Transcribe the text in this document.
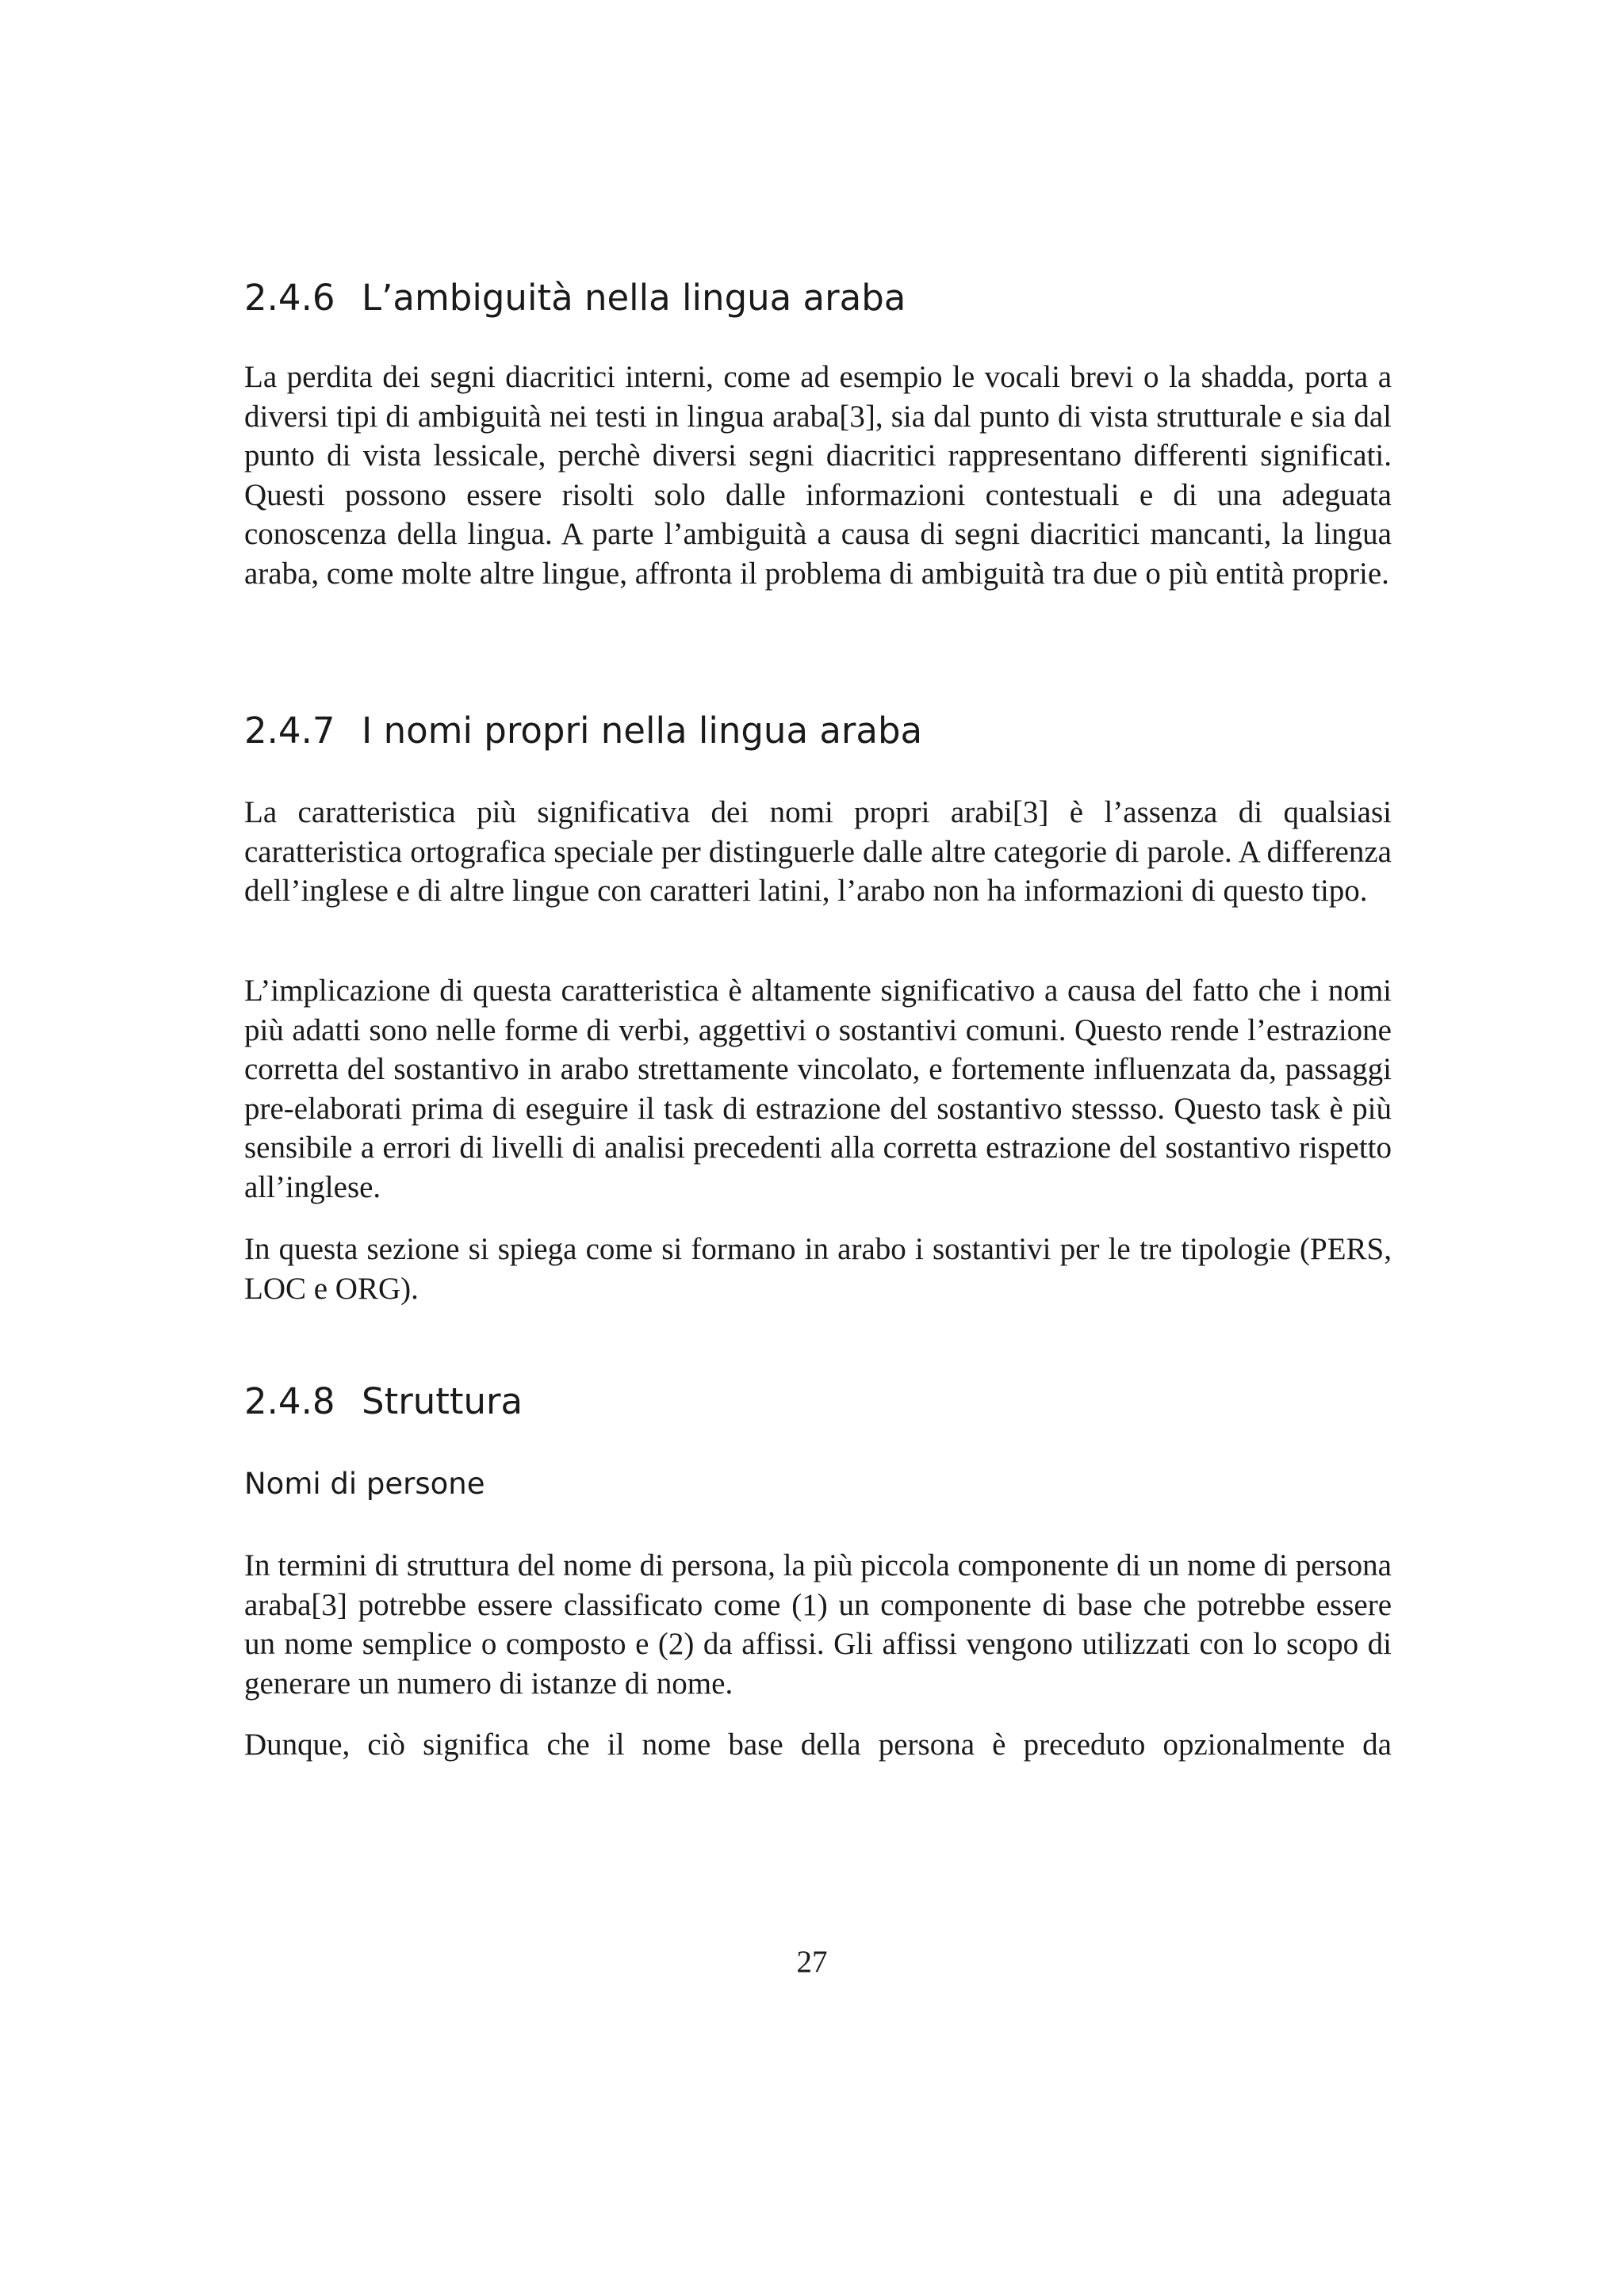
2.4.6 L’ambiguità nella lingua araba

La perdita dei segni diacritici interni, come ad esempio le vocali brevi o la shadda, porta a diversi tipi di ambiguità nei testi in lingua araba[3], sia dal punto di vista strutturale e sia dal punto di vista lessicale, perchè diversi segni diacritici rappresentano differenti significati. Questi possono essere risolti solo dalle informazioni contestuali e di una adeguata conoscenza della lingua. A parte l’ambiguità a causa di segni diacritici mancanti, la lingua araba, come molte altre lingue, affronta il problema di ambiguità tra due o più entità proprie.

2.4.7 I nomi propri nella lingua araba

La caratteristica più significativa dei nomi propri arabi[3] è l’assenza di qualsiasi caratteristica ortografica speciale per distinguerle dalle altre categorie di parole. A differenza dell’inglese e di altre lingue con caratteri latini, l’arabo non ha informazioni di questo tipo.

L’implicazione di questa caratteristica è altamente significativo a causa del fatto che i nomi più adatti sono nelle forme di verbi, aggettivi o sostantivi comuni. Questo rende l’estrazione corretta del sostantivo in arabo strettamente vincolato, e fortemente influenzata da, passaggi pre-elaborati prima di eseguire il task di estrazione del sostantivo stessso. Questo task è più sensibile a errori di livelli di analisi precedenti alla corretta estrazione del sostantivo rispetto all’inglese.

In questa sezione si spiega come si formano in arabo i sostantivi per le tre tipologie (PERS, LOC e ORG).

2.4.8 Struttura
Nomi di persone

In termini di struttura del nome di persona, la più piccola componente di un nome di persona araba[3] potrebbe essere classificato come (1) un componente di base che potrebbe essere un nome semplice o composto e (2) da affissi. Gli affissi vengono utilizzati con lo scopo di generare un numero di istanze di nome.

Dunque, ciò significa che il nome base della persona è preceduto opzionalmente da

27
